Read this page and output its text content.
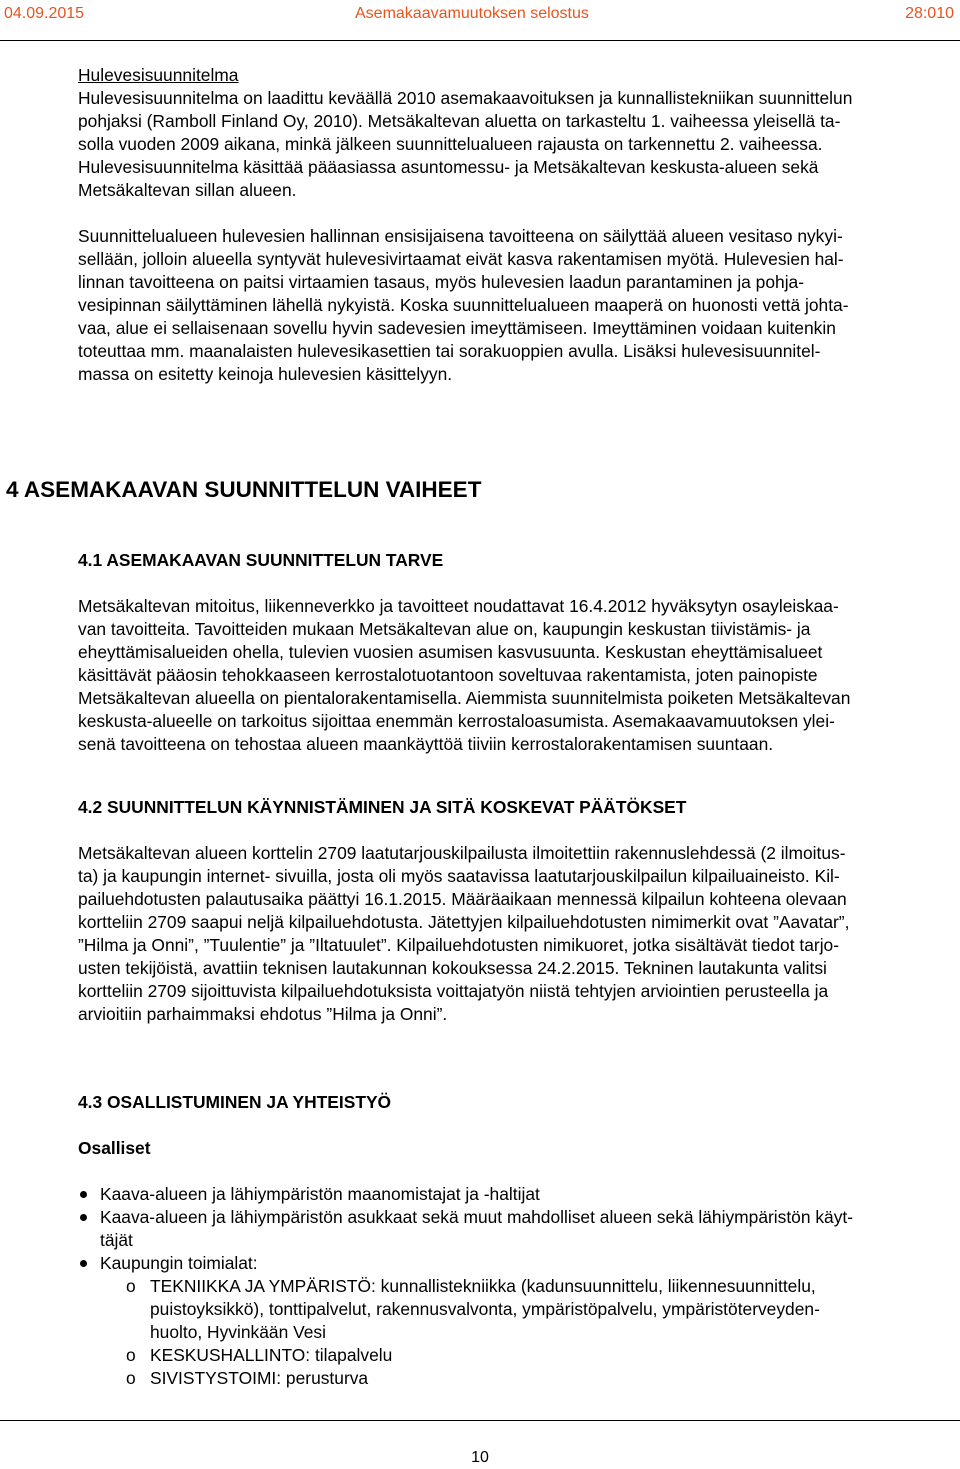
04.09.2015	Asemakaavamuutoksen selostus	28:010

Hulevesisuunnitelma

Hulevesisuunnitelma on laadittu keväällä 2010 asemakaavoituksen ja kunnallistekniikan suunnittelun
pohjaksi (Ramboll Finland Oy, 2010). Metsäkaltevan aluetta on tarkasteltu 1. vaiheessa yleisellä ta-
solla vuoden 2009 aikana, minkä jälkeen suunnittelualueen rajausta on tarkennettu 2. vaiheessa.
Hulevesisuunnitelma käsittää pääasiassa asuntomessu- ja Metsäkaltevan keskusta-alueen sekä
Metsäkaltevan sillan alueen.

Suunnittelualueen hulevesien hallinnan ensisijaisena tavoitteena on säilyttää alueen vesitaso nykyi-
sellään, jolloin alueella syntyvät hulevesivirtaamat eivät kasva rakentamisen myötä. Hulevesien hal-
linnan tavoitteena on paitsi virtaamien tasaus, myös hulevesien laadun parantaminen ja pohja-
vesipinnan säilyttäminen lähellä nykyistä. Koska suunnittelualueen maaperä on huonosti vettä johta-
vaa, alue ei sellaisenaan sovellu hyvin sadevesien imeyttämiseen. Imeyttäminen voidaan kuitenkin
toteuttaa mm. maanalaisten hulevesikasettien tai sorakuoppien avulla. Lisäksi hulevesisuunnitel-
massa on esitetty keinoja hulevesien käsittelyyn.

4 ASEMAKAAVAN SUUNNITTELUN VAIHEET
4.1 ASEMAKAAVAN SUUNNITTELUN TARVE

Metsäkaltevan mitoitus, liikenneverkko ja tavoitteet noudattavat 16.4.2012 hyväksytyn osayleiskaa-
van tavoitteita. Tavoitteiden mukaan Metsäkaltevan alue on, kaupungin keskustan tiivistämis- ja
eheyttämisalueiden ohella, tulevien vuosien asumisen kasvusuunta. Keskustan eheyttämisalueet
käsittävät pääosin tehokkaaseen kerrostalotuotantoon soveltuvaa rakentamista, joten painopiste
Metsäkaltevan alueella on pientalorakentamisella. Aiemmista suunnitelmista poiketen Metsäkaltevan
keskusta-alueelle on tarkoitus sijoittaa enemmän kerrostaloasumista. Asemakaavamuutoksen ylei-
senä tavoitteena on tehostaa alueen maankäyttöä tiiviin kerrostalorakentamisen suuntaan.

4.2 SUUNNITTELUN KÄYNNISTÄMINEN JA SITÄ KOSKEVAT PÄÄTÖKSET

Metsäkaltevan alueen korttelin 2709 laatutarjouskilpailusta ilmoitettiin rakennuslehdessä (2 ilmoitus-
ta) ja kaupungin internet- sivuilla, josta oli myös saatavissa laatutarjouskilpailun kilpailuaineisto. Kil-
pailuehdotusten palautusaika päättyi 16.1.2015. Määräaikaan mennessä kilpailun kohteena olevaan
kortteliin 2709 saapui neljä kilpailuehdotusta. Jätettyjen kilpailuehdotusten nimimerkit ovat ”Aavatar”,
”Hilma ja Onni”, ”Tuulentie” ja ”Iltatuulet”. Kilpailuehdotusten nimikuoret, jotka sisältävät tiedot tarjo-
usten tekijöistä, avattiin teknisen lautakunnan kokouksessa 24.2.2015. Tekninen lautakunta valitsi
kortteliin 2709 sijoittuvista kilpailuehdotuksista voittajatyön niistä tehtyjen arviointien perusteella ja
arvioitiin parhaimmaksi ehdotus ”Hilma ja Onni”.

4.3 OSALLISTUMINEN JA YHTEISTYÖ
Osalliset
Kaava-alueen ja lähiympäristön maanomistajat ja -haltijat
Kaava-alueen ja lähiympäristön asukkaat sekä muut mahdolliset alueen sekä lähiympäristön käyt-
täjät
Kaupungin toimialat:
o TEKNIIKKA JA YMPÄRISTÖ: kunnallistekniikka (kadunsuunnittelu, liikennesuunnittelu,
puistoyksikkö), tonttipalvelut, rakennusvalvonta, ympäristöpalvelu, ympäristöterveyden-
huolto, Hyvinkään Vesi
o KESKUSHALLINTO: tilapalvelu
o SIVISTYSTOIMI: perusturva
10
